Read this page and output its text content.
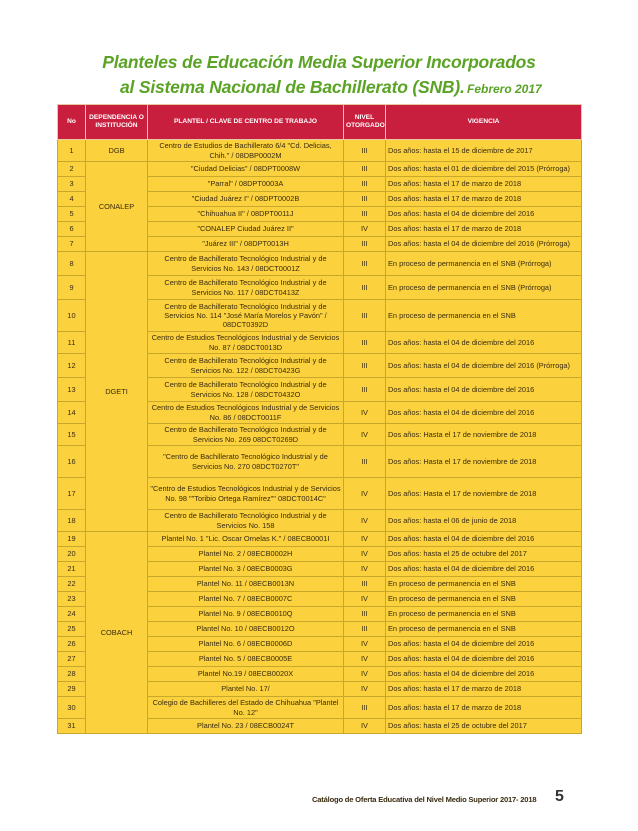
Planteles de Educación Media Superior Incorporados
al Sistema Nacional de Bachillerato (SNB). Febrero 2017
No	DEPENDENCIA O INSTITUCIÓN	PLANTEL / CLAVE DE CENTRO DE TRABAJO	NIVEL OTORGADO	VIGENCIA
1	DGB	Centro de Estudios de Bachillerato 6/4 "Cd. Delicias, Chih." / 08DBP0002M	III	Dos años: hasta el 15 de diciembre de 2017
2	CONALEP	"Ciudad Delicias" / 08DPT0008W	III	Dos años: hasta el 01 de diciembre del 2015 (Prórroga)
3		"Parral" / 08DPT0003A	III	Dos años: hasta el 17 de marzo de 2018
4		"Ciudad Juárez I" / 08DPT0002B	III	Dos años: hasta el 17 de marzo de 2018
5		"Chihuahua II" / 08DPT0011J	III	Dos años: hasta el 04 de diciembre del 2016
6		"CONALEP Ciudad Juárez II"	IV	Dos años: hasta el 17 de marzo de 2018
7		"Juárez III" / 08DPT0013H	III	Dos años: hasta el 04 de diciembre del 2016 (Prórroga)
8	DGETI	Centro de Bachillerato Tecnológico Industrial y de Servicios No. 143 / 08DCT0001Z	III	En proceso de permanencia en el SNB (Prórroga)
9		Centro de Bachillerato Tecnológico Industrial y de Servicios No. 117 / 08DCT0413Z	III	En proceso de permanencia en el SNB (Prórroga)
10		Centro de Bachillerato Tecnológico Industrial y de Servicios No. 114 "José María Morelos y Pavón" / 08DCT0392D	III	En proceso de permanencia en el SNB
11		Centro de Estudios Tecnológicos Industrial y de Servicios No. 87 / 08DCT0013D	III	Dos años: hasta el 04 de diciembre del 2016
12		Centro de Bachillerato Tecnológico Industrial y de Servicios No. 122 / 08DCT0423G	III	Dos años: hasta el 04 de diciembre del 2016 (Prórroga)
13		Centro de Bachillerato Tecnológico Industrial y de Servicios No. 128 / 08DCT0432O	III	Dos años: hasta el 04 de diciembre del 2016
14		Centro de Estudios Tecnológicos Industrial y de Servicios No. 86 / 08DCT0011F	IV	Dos años: hasta el 04 de diciembre del 2016
15		Centro de Bachillerato Tecnológico Industrial y de Servicios No. 269 08DCT0269D	IV	Dos años: Hasta el 17 de noviembre de 2018
16		"Centro de Bachillerato Tecnológico Industrial y de Servicios No. 270 08DCT0270T"	III	Dos años: Hasta el 17 de noviembre de 2018
17		"Centro de Estudios Tecnológicos Industrial y de Servicios No. 98 ""Toribio Ortega Ramírez"" 08DCT0014C"	IV	Dos años: Hasta el 17 de noviembre de 2018
18		Centro de Bachillerato Tecnológico Industrial y de Servicios No. 158	IV	Dos años: hasta el 06 de junio de 2018
19	COBACH	Plantel No. 1 "Lic. Oscar Ornelas K." / 08ECB0001I	IV	Dos años: hasta el 04 de diciembre del 2016
20		Plantel No. 2 / 08ECB0002H	IV	Dos años: hasta el 25 de octubre del 2017
21		Plantel No. 3 / 08ECB0003G	IV	Dos años: hasta el 04 de diciembre del 2016
22		Plantel No. 11 / 08ECB0013N	III	En proceso de permanencia en el SNB
23		Plantel No. 7 / 08ECB0007C	IV	En proceso de permanencia en el SNB
24		Plantel No. 9 / 08ECB0010Q	III	En proceso de permanencia en el SNB
25		Plantel No. 10 / 08ECB0012O	III	En proceso de permanencia en el SNB
26		Plantel No. 6 / 08ECB0006D	IV	Dos años: hasta el 04 de diciembre del 2016
27		Plantel No. 5 / 08ECB0005E	IV	Dos años: hasta el 04 de diciembre del 2016
28		Plantel No.19 / 08ECB0020X	IV	Dos años: hasta el 04 de diciembre del 2016
29		Plantel No. 17/	IV	Dos años: hasta el 17 de marzo de 2018
30		Colegio de Bachilleres del Estado de Chihuahua "Plantel No. 12"	III	Dos años: hasta el 17 de marzo de 2018
31		Plantel No. 23 / 08ECB0024T	IV	Dos años: hasta el 25 de octubre del 2017
Catálogo de Oferta Educativa del Nivel Medio Superior 2017- 2018 5
